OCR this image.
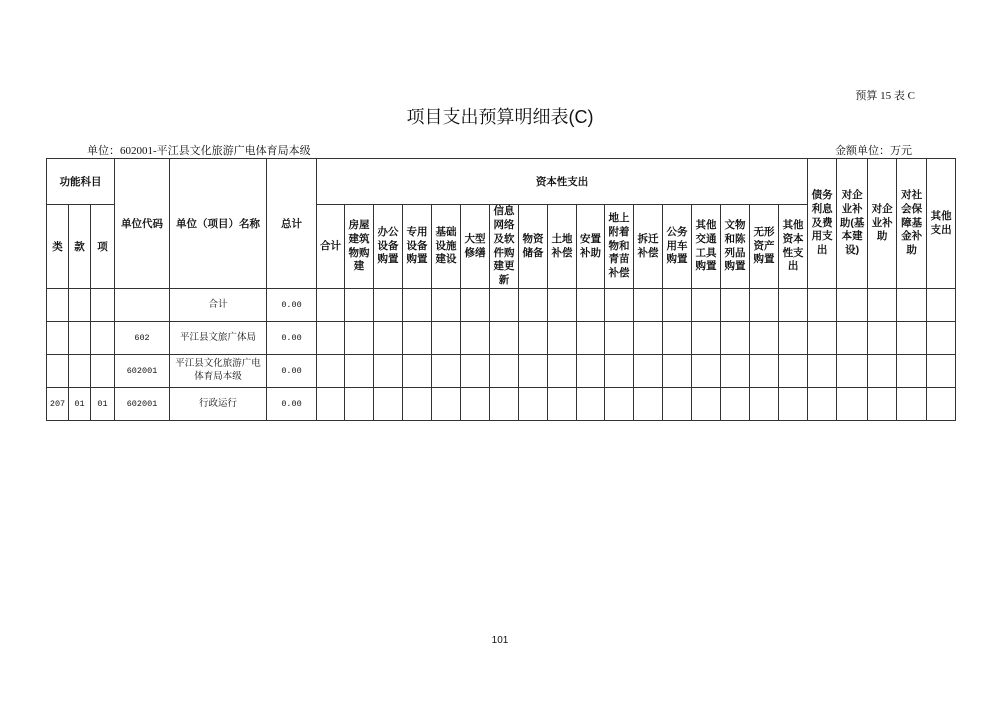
预算 15 表 C
项目支出预算明细表(C)
单位：602001-平江县文化旅游广电体育局本级	金额单位：万元
功能科目			单位代码	单位（项目）名称	总计	资本性支出																	债务利息及费用支出	对企业补助(基本建设)	对企业补助	对社会保障基金补助	其他支出
类	款	项				合计	房屋建筑物购建	办公设备购置	专用设备购置	基础设施建设	大型修缮	信息网络及软件购建更新	物资储备	土地补偿	安置补助	地上附着物和青苗补偿	拆迁补偿	公务用车购置	其他交通工具购置	文物和陈列品购置	无形资产购置	其他资本性支出					
				合计	0.00																						
			602	平江县文旅广体局	0.00																						
			602001	平江县文化旅游广电体育局本级	0.00																						
207	01	01	602001	行政运行	0.00																						
101
